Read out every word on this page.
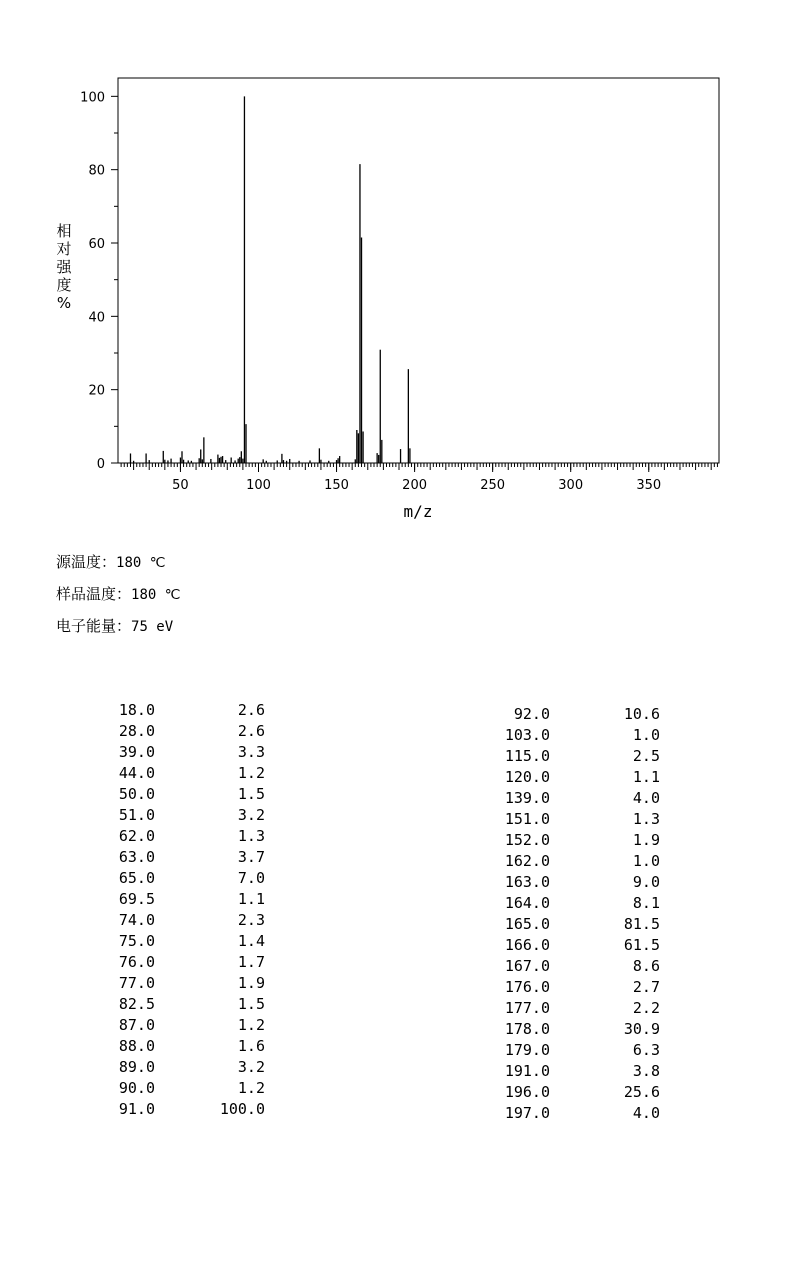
50	100	150	200	250	300	350
0
20
40
60
80
100
m/z
相对强度%
源温度：180 ℃
样品温度：180 ℃
电子能量：75 eV
18.0	2.6
28.0	2.6
39.0	3.3
44.0	1.2
50.0	1.5
51.0	3.2
62.0	1.3
63.0	3.7
65.0	7.0
69.5	1.1
74.0	2.3
75.0	1.4
76.0	1.7
77.0	1.9
82.5	1.5
87.0	1.2
88.0	1.6
89.0	3.2
90.0	1.2
91.0	100.0
92.0	10.6
103.0	1.0
115.0	2.5
120.0	1.1
139.0	4.0
151.0	1.3
152.0	1.9
162.0	1.0
163.0	9.0
164.0	8.1
165.0	81.5
166.0	61.5
167.0	8.6
176.0	2.7
177.0	2.2
178.0	30.9
179.0	6.3
191.0	3.8
196.0	25.6
197.0	4.0
